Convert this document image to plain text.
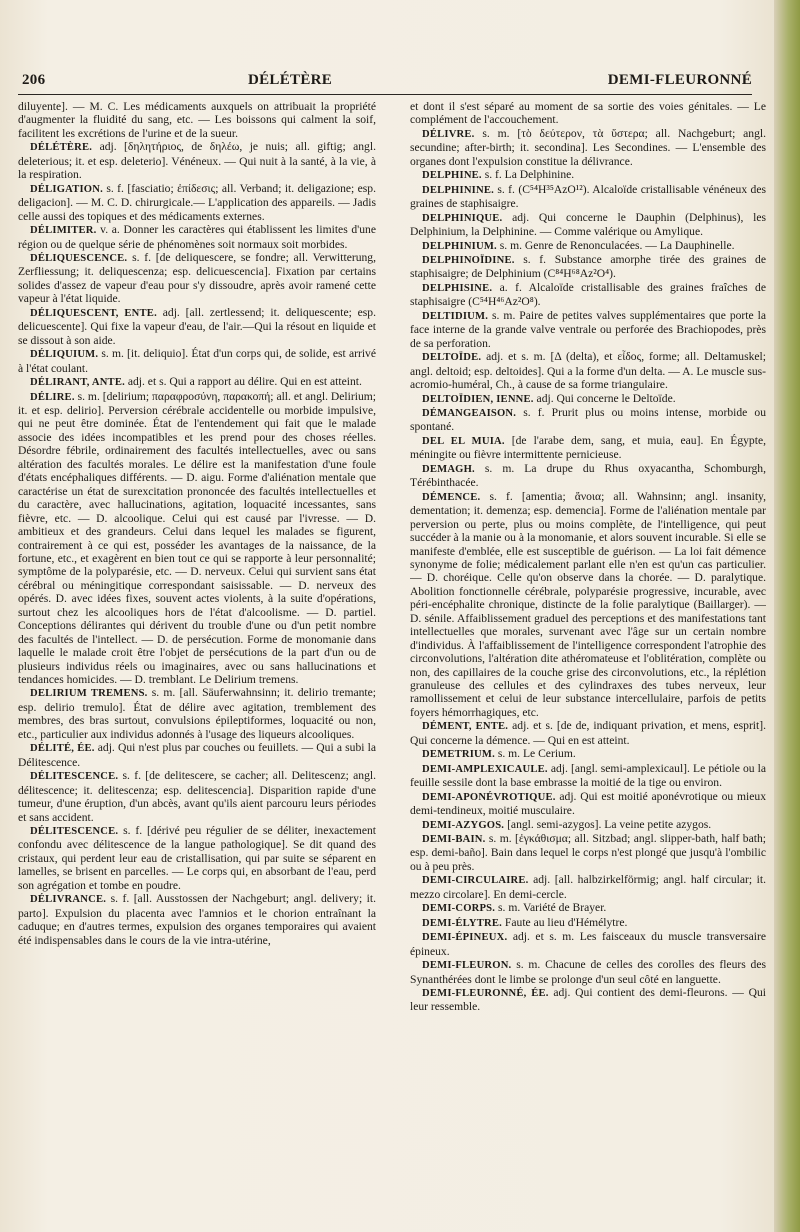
206	DÉLÉTÈRE	DEMI-FLEURONNÉ

diluyente]. — M. C. Les médicaments auxquels on attribuait la propriété d'augmenter la fluidité du sang, etc. — Les boissons qui calment la soif, facilitent les excrétions de l'urine et de la sueur.

DÉLÉTÈRE. adj. [δηλητήριος, de δηλέω, je nuis; all. giftig; angl. deleterious; it. et esp. deleterio]. Vénéneux. — Qui nuit à la santé, à la vie, à la respiration.

DÉLIGATION. s. f. [fasciatio; ἐπίδεσις; all. Verband; it. deligazione; esp. deligacion]. — M. C. D. chirurgicale.— L'application des appareils. — Jadis celle aussi des topiques et des médicaments externes.

DÉLIMITER. v. a. Donner les caractères qui établissent les limites d'une région ou de quelque série de phénomènes soit normaux soit morbides.

DÉLIQUESCENCE. s. f. [de deliquescere, se fondre; all. Verwitterung, Zerfliessung; it. deliquescenza; esp. delicuescencia]. Fixation par certains solides d'assez de vapeur d'eau pour s'y dissoudre, après avoir ramené cette vapeur à l'état liquide.

DÉLIQUESCENT, ENTE. adj. [all. zertlessend; it. deliquescente; esp. delicuescente]. Qui fixe la vapeur d'eau, de l'air.—Qui la résout en liquide et se dissout à son aide.

DÉLIQUIUM. s. m. [it. deliquio]. État d'un corps qui, de solide, est arrivé à l'état coulant.

DÉLIRANT, ANTE. adj. et s. Qui a rapport au délire. Qui en est atteint.

DÉLIRE. s. m. [delirium; παραφροσύνη, παρακοπή; all. et angl. Delirium; it. et esp. delirio]. Perversion cérébrale accidentelle ou morbide impulsive, qui ne peut être dominée. État de l'entendement qui fait que le malade associe des idées incompatibles et les prend pour des choses réelles. Désordre fébrile, ordinairement des facultés intellectuelles, avec ou sans altération des facultés morales. Le délire est la manifestation d'une foule d'états encéphaliques différents. — D. aigu. Forme d'aliénation mentale que caractérise un état de surexcitation prononcée des facultés intellectuelles et du caractère, avec hallucinations, agitation, loquacité incessantes, sans fièvre, etc. — D. alcoolique. Celui qui est causé par l'ivresse. — D. ambitieux et des grandeurs. Celui dans lequel les malades se figurent, contrairement à ce qui est, posséder les avantages de la naissance, de la fortune, etc., et exagèrent en bien tout ce qui se rapporte à leur personnalité; symptôme de la polyparésie, etc. — D. nerveux. Celui qui survient sans état cérébral ou méningitique correspondant saisissable. — D. nerveux des opérés. D. avec idées fixes, souvent actes violents, à la suite d'opérations, surtout chez les alcooliques hors de l'état d'alcoolisme. — D. partiel. Conceptions délirantes qui dérivent du trouble d'une ou d'un petit nombre des facultés de l'intellect. — D. de persécution. Forme de monomanie dans laquelle le malade croit être l'objet de persécutions de la part d'un ou de plusieurs individus réels ou imaginaires, avec ou sans hallucinations et tendances homicides. — D. tremblant. Le Delirium tremens.

DELIRIUM TREMENS. s. m. [all. Säuferwahnsinn; it. delirio tremante; esp. delirio tremulo]. État de délire avec agitation, tremblement des membres, des bras surtout, convulsions épileptiformes, loquacité ou non, etc., particulier aux individus adonnés à l'usage des liqueurs alcooliques.

DÉLITÉ, ÉE. adj. Qui n'est plus par couches ou feuillets. — Qui a subi la Délitescence.

DÉLITESCENCE. s. f. [de delitescere, se cacher; all. Delitescenz; angl. délitescence; it. delitescenza; esp. delitescencia]. Disparition rapide d'une tumeur, d'une éruption, d'un abcès, avant qu'ils aient parcouru leurs périodes et sans accident.

DÉLITESCENCE. s. f. [dérivé peu régulier de se déliter, inexactement confondu avec délitescence de la langue pathologique]. Se dit quand des cristaux, qui perdent leur eau de cristallisation, qui par suite se séparent en lamelles, se brisent en parcelles. — Le corps qui, en absorbant de l'eau, perd son agrégation et tombe en poudre.

DÉLIVRANCE. s. f. [all. Ausstossen der Nachgeburt; angl. delivery; it. parto]. Expulsion du placenta avec l'amnios et le chorion entraînant la caduque; en d'autres termes, expulsion des organes temporaires qui avaient été indispensables dans le cours de la vie intra-utérine,

et dont il s'est séparé au moment de sa sortie des voies génitales. — Le complément de l'accouchement.

DÉLIVRE. s. m. [τὸ δεύτερον, τὰ ὕστερα; all. Nachgeburt; angl. secundine; after-birth; it. secondina]. Les Secondines. — L'ensemble des organes dont l'expulsion constitue la délivrance.

DELPHINE. s. f. La Delphinine.

DELPHININE. s. f. (C⁵⁴H³⁵AzO¹²). Alcaloïde cristallisable vénéneux des graines de staphisaigre.

DELPHINIQUE. adj. Qui concerne le Dauphin (Delphinus), les Delphinium, la Delphinine. — Comme valérique ou Amylique.

DELPHINIUM. s. m. Genre de Renonculacées. — La Dauphinelle.

DELPHINOÏDINE. s. f. Substance amorphe tirée des graines de staphisaigre; de Delphinium (C⁸⁴H⁶⁸Az²O⁴).

DELPHISINE. a. f. Alcaloïde cristallisable des graines fraîches de staphisaigre (C⁵⁴H⁴⁶Az²O⁸).

DELTIDIUM. s. m. Paire de petites valves supplémentaires que porte la face interne de la grande valve ventrale ou perforée des Brachiopodes, près de sa perforation.

DELTOÏDE. adj. et s. m. [Δ (delta), et εἶδος, forme; all. Deltamuskel; angl. deltoid; esp. deltoides]. Qui a la forme d'un delta. — A. Le muscle sus-acromio-huméral, Ch., à cause de sa forme triangulaire.

DELTOÏDIEN, IENNE. adj. Qui concerne le Deltoïde.

DÉMANGEAISON. s. f. Prurit plus ou moins intense, morbide ou spontané.

DEL EL MUIA. [de l'arabe dem, sang, et muia, eau]. En Égypte, méningite ou fièvre intermittente pernicieuse.

DEMAGH. s. m. La drupe du Rhus oxyacantha, Schomburgh, Térébinthacée.

DÉMENCE. s. f. [amentia; ἄνοια; all. Wahnsinn; angl. insanity, dementation; it. demenza; esp. demencia]. Forme de l'aliénation mentale par perversion ou perte, plus ou moins complète, de l'intelligence, qui peut succéder à la manie ou à la monomanie, et alors souvent incurable. Si elle se manifeste d'emblée, elle est susceptible de guérison. — La loi fait démence synonyme de folie; médicalement parlant elle n'en est qu'un cas particulier. — D. choréique. Celle qu'on observe dans la chorée. — D. paralytique. Abolition fonctionnelle cérébrale, polyparésie progressive, incurable, avec péri-encéphalite chronique, distincte de la folie paralytique (Baillarger). — D. sénile. Affaiblissement graduel des perceptions et des manifestations tant intellectuelles que morales, survenant avec l'âge sur un certain nombre d'individus. À l'affaiblissement de l'intelligence correspondent l'atrophie des circonvolutions, l'altération dite athéromateuse et l'oblitération, complète ou non, des capillaires de la couche grise des circonvolutions, etc., la réplétion granuleuse des cellules et des cylindraxes des tubes nerveux, leur ramollissement et celui de leur substance intercellulaire, parfois de petits foyers hémorrhagiques, etc.

DÉMENT, ENTE. adj. et s. [de de, indiquant privation, et mens, esprit]. Qui concerne la démence. — Qui en est atteint.

DEMETRIUM. s. m. Le Cerium.

DEMI-AMPLEXICAULE. adj. [angl. semi-amplexicaul]. Le pétiole ou la feuille sessile dont la base embrasse la moitié de la tige ou environ.

DEMI-APONÉVROTIQUE. adj. Qui est moitié aponévrotique ou mieux demi-tendineux, moitié musculaire.

DEMI-AZYGOS. [angl. semi-azygos]. La veine petite azygos.

DEMI-BAIN. s. m. [ἐγκάθισμα; all. Sitzbad; angl. slipper-bath, half bath; esp. demi-baño]. Bain dans lequel le corps n'est plongé que jusqu'à l'ombilic ou à peu près.

DEMI-CIRCULAIRE. adj. [all. halbzirkelförmig; angl. half circular; it. mezzo circolare]. En demi-cercle.

DEMI-CORPS. s. m. Variété de Brayer.

DEMI-ÉLYTRE. Faute au lieu d'Hémélytre.

DEMI-ÉPINEUX. adj. et s. m. Les faisceaux du muscle transversaire épineux.

DEMI-FLEURON. s. m. Chacune de celles des corolles des fleurs des Synanthérées dont le limbe se prolonge d'un seul côté en languette.

DEMI-FLEURONNÉ, ÉE. adj. Qui contient des demi-fleurons. — Qui leur ressemble.
